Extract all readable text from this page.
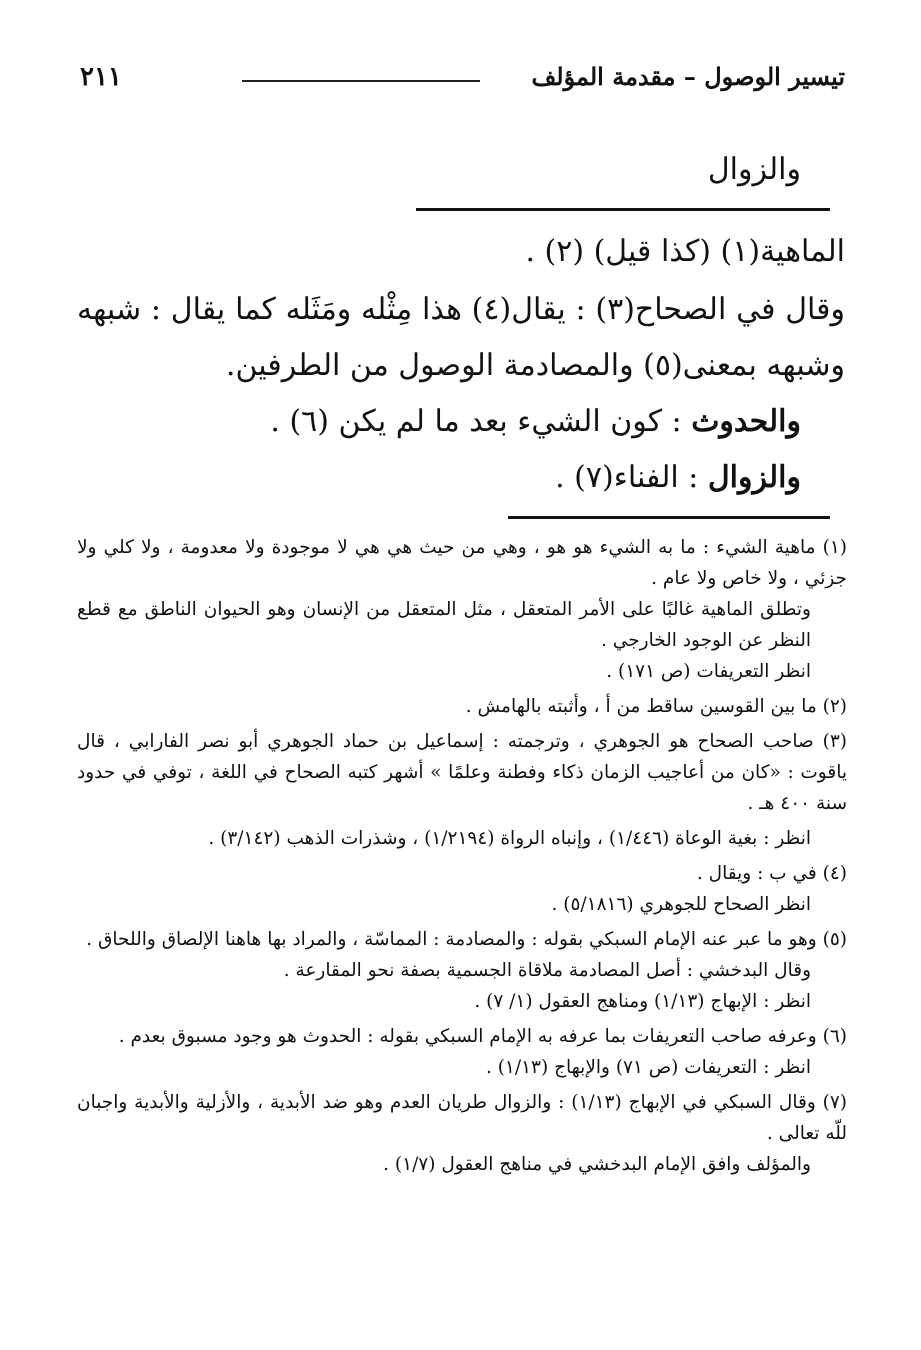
تيسير الوصول – مقدمة المؤلف
٢١١
والزوال
الماهية(١) (كذا قيل) (٢) .
وقال في الصحاح(٣) : يقال(٤) هذا مِثْله ومَثَله كما يقال : شبهه وشبهه بمعنى(٥) والمصادمة الوصول من الطرفين.
والحدوث : كون الشيء بعد ما لم يكن (٦) .
والزوال : الفناء(٧) .
(١) ماهية الشيء : ما به الشيء هو هو ، وهي من حيث هي هي لا موجودة ولا معدومة ، ولا كلي ولا جزئي ، ولا خاص ولا عام .
وتطلق الماهية غالبًا على الأمر المتعقل ، مثل المتعقل من الإنسان وهو الحيوان الناطق مع قطع النظر عن الوجود الخارجي .
انظر التعريفات (ص ١٧١) .
(٢) ما بين القوسين ساقط من أ ، وأثبته بالهامش .
(٣) صاحب الصحاح هو الجوهري ، وترجمته : إسماعيل بن حماد الجوهري أبو نصر الفارابي ، قال ياقوت : «كان من أعاجيب الزمان ذكاء وفطنة وعلمًا » أشهر كتبه الصحاح في اللغة ، توفي في حدود سنة ٤٠٠ هـ .
انظر : بغية الوعاة (١/٤٤٦) ، وإنباه الرواة (١/٢١٩٤) ، وشذرات الذهب (٣/١٤٢) .
(٤) في ب : ويقال .
انظر الصحاح للجوهري (٥/١٨١٦) .
(٥) وهو ما عبر عنه الإمام السبكي بقوله : والمصادمة : المماسّة ، والمراد بها هاهنا الإلصاق واللحاق .
وقال البدخشي : أصل المصادمة ملاقاة الجسمية بصفة نحو المقارعة .
انظر : الإبهاج (١/١٣) ومناهج العقول (١/ ٧) .
(٦) وعرفه صاحب التعريفات بما عرفه به الإمام السبكي بقوله : الحدوث هو وجود مسبوق بعدم .
انظر : التعريفات (ص ٧١) والإبهاج (١/١٣) .
(٧) وقال السبكي في الإبهاج (١/١٣) : والزوال طريان العدم وهو ضد الأبدية ، والأزلية والأبدية واجبان للّه تعالى .
والمؤلف وافق الإمام البدخشي في مناهج العقول (١/٧) .
